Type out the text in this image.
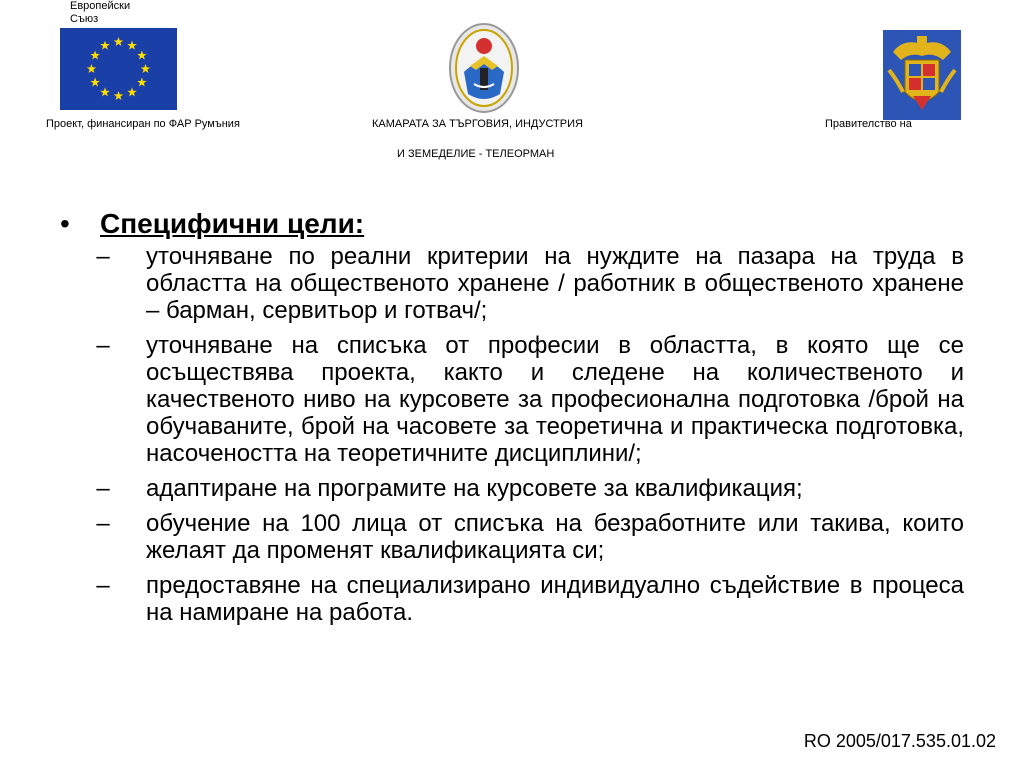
Европейски Съюз
Проект, финансиран по ФАР Румъния	КАМАРАТА ЗА ТЪРГОВИЯ, ИНДУСТРИЯ
И ЗЕМЕДЕЛИЕ - ТЕЛЕОРМАН
Правителство на
•	Специфични цели:
–	уточняване по реални критерии на нуждите на пазара на труда в областта на общественото хранене / работник в общественото хранене – барман, сервитьор и готвач/;
–	уточняване на списъка от професии в областта, в която ще се осъществява проекта, както и следене на количественото и качественото ниво на курсовете за професионална подготовка /брой на обучаваните, брой на часовете за теоретична и практическа подготовка, насочеността на теоретичните дисциплини/;
–	адаптиране на програмите на курсовете за квалификация;
–	обучение на 100 лица от списъка на безработните или такива, които желаят да променят квалификацията си;
–	предоставяне на специализирано индивидуално съдействие в процеса на намиране на работа.
RO 2005/017.535.01.02
